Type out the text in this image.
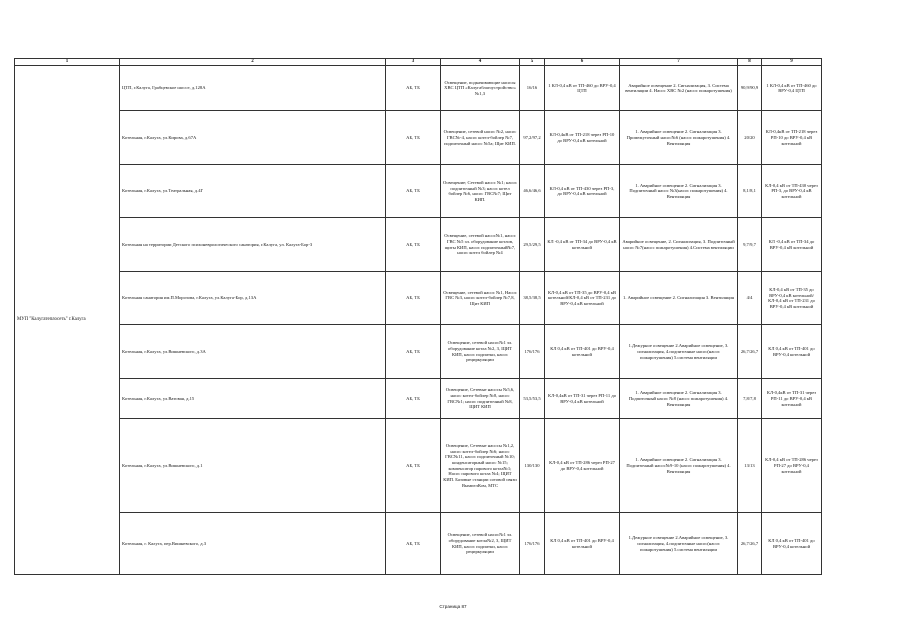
1	2	3	4	5	6	7	8	9
МУП "Калугатеплосеть" г.Калуга	ЦТП, г.Калуга, Грабцевское шоссе, д.128А	АБ, ТБ	Освещение, подкачивающие насосы ХВС ЦТП «Калугаблагоустройство» №1,3	16/16	1 КЛ-0,4 кВ от ТП-460 до ВРУ-0,4 ЦТП	Аварийное освещение 2. Сигнализация, 3. Система вентиляции 4. Насос ХВС №2 (насос пожаротушения)	90,9/90,9	1 КЛ-0,4 кВ от ТП-460 до ВРУ-0,4 ЦТП
	Котельная, г.Калуга, ул.Кирова, д.67А	АБ, ТБ	Освещение, сетевой насос №2, насос ГВС№-4, насос котел-бойлер №7, подпиточный насос №5а; Щит КИП.	97,2/97,2	КЛ-0,4кВ от ТП-218 через РП-10 до ВРУ-0,4 кВ котельной	1. Аварийное освещение 2. Сигнализация 3. Промежуточный насос№6 (насос пожаротушения) 4. Вентиляция	20/20	КЛ-0,4кВ от ТП-218 через РП-10 до ВРУ-0,4 кВ котельной
	Котельная, г.Калуга, ул.Театральная, д.4Г	АБ, ТБ	Освещение; Сетевой насос №1; насос подпиточный №3; насос котел бойлер №6, насос ГВС№7; Щит КИП.	46,6/46,6	КЛ-0,4 кВ от ТП-430 через РП-3, до ВРУ-0,4 кВ котельной	1. Аварийное освещение 2. Сигнализация 3. Подпиточный насос №3(насос пожаротушения) 4. Вентиляция	8,1/8,1	КЛ-0,4 кВ от ТП-430 через РП-3, до ВРУ-0,4 кВ котельной
	Котельная на территории Детского психоневрологического санатория, г.Калуга, ул. Калуга-Бор-3	АБ, ТБ	Освещение, сетевой насос№1, насос ГВС №5 эл. оборудование котлов, щиты КИП, насос подпиточный№7, насос котел бойлер №4	29,5/29,5	КЛ -0,4 кВ от ТП-34 до ВРУ-0,4 кВ котельной	Аварийное освещение, 2. Сигнализация, 3. Подпиточный насос №7(насос пожаротушения) 4.Система вентиляции	9,7/9,7	КЛ -0,4 кВ от ТП-34 до ВРУ-0,4 кВ котельной
	Котельная санатория им.П.Морозова, г.Калуга, ул.Калуга-Бор, д.13А	АБ, ТБ	Освещение, сетевой насос №1, Насос ГВС №3, насос котел-бойлер №7,8, Щит КИП	38,5/38,5	КЛ-0,4 кВ от ТП-35 до ВРУ-0,4 кВ котельной/КЛ-0,4 кВ от ТП-231 до ВРУ-0,4 кВ котельной	1. Аварийное освещение 2. Сигнализация 3. Вентиляция	4/4	КЛ-0,4 кВ от ТП-35 до ВРУ-0,4 кВ котельной/КЛ-0,4 кВ от ТП-231 до ВРУ-0,4 кВ котельной
	Котельная, г.Калуга, ул.Вишневского, д.3А	АБ, ТБ	Освещение, сетевой насос№1 эл. оборудование котла №2, 3, ЩИТ КИП, насос подпитки, насос рециркуляции	176/176	КЛ 0,4 кВ от ТП-401 до ВРУ-0,4 котельной	1.Дежурное освещение 2.Аварийное освещение, 3. сигнализация, 4.подпиточные насос(насос пожаротушения) 5.система вентиляции	26,7/26,7	КЛ 0,4 кВ от ТП-401 до ВРУ-0,4 котельной
	Котельная, г.Калуга, ул.Ватовая, д.15	АБ, ТБ	Освещение, Сетевые насосы №5,6, насос котел-бойлер №8, насос ГВС№1; насос подпиточный №8, ЩИТ КИП	53,5/53,5	КЛ-0,4кВ от ТП-31 через РП-11 до ВРУ-0,4 кВ котельной	1. Аварийное освещение 2. Сигнализация 3. Подпиточный насос №8 (насос пожаротушения) 4. Вентиляция	7,8/7,8	КЛ-0,4кВ от ТП-31 через РП-11 до ВРУ-0,4 кВ котельной
	Котельная, г.Калуга, ул.Вишневского, д.1	АБ, ТБ	Освещение, Сетевые насосы №1,2, насос котел-бойлер №6; насос ГВС№11, насос подпиточный №10; конденсаторный насос №15; компенсатор парового котла№1; Насос парового котла №4; ЩИТ КИП. Базовые станции сотовой связи ВымпелКом, МТС	130/130	КЛ-0,4 кВ от ТП-286 через РП-27 до ВРУ-0,4 котельной	1. Аварийное освещение 2. Сигнализация 3. Подпиточный насос№9-10 (насос пожаротушения) 4. Вентиляция	13/13	КЛ-0,4 кВ от ТП-286 через РП-27 до ВРУ-0,4 котельной
	Котельная, г. Калуга, пер.Вишневского, д.3	АБ, ТБ	Освещение, сетевой насос№1 эл. оборудование котла№2, 3, ЩИТ КИП, насос подпитки, насос рециркуляции	176/176	КЛ 0,4 кВ от ТП-401 до ВРУ-0,4 котельной	1.Дежурное освещение 2.Аварийное освещение, 3. сигнализация, 4.подпиточные насос(насос пожаротушения) 5.система вентиляции	26,7/26,7	КЛ 0,4 кВ от ТП-401 до ВРУ-0,4 котельной
Страница 87
